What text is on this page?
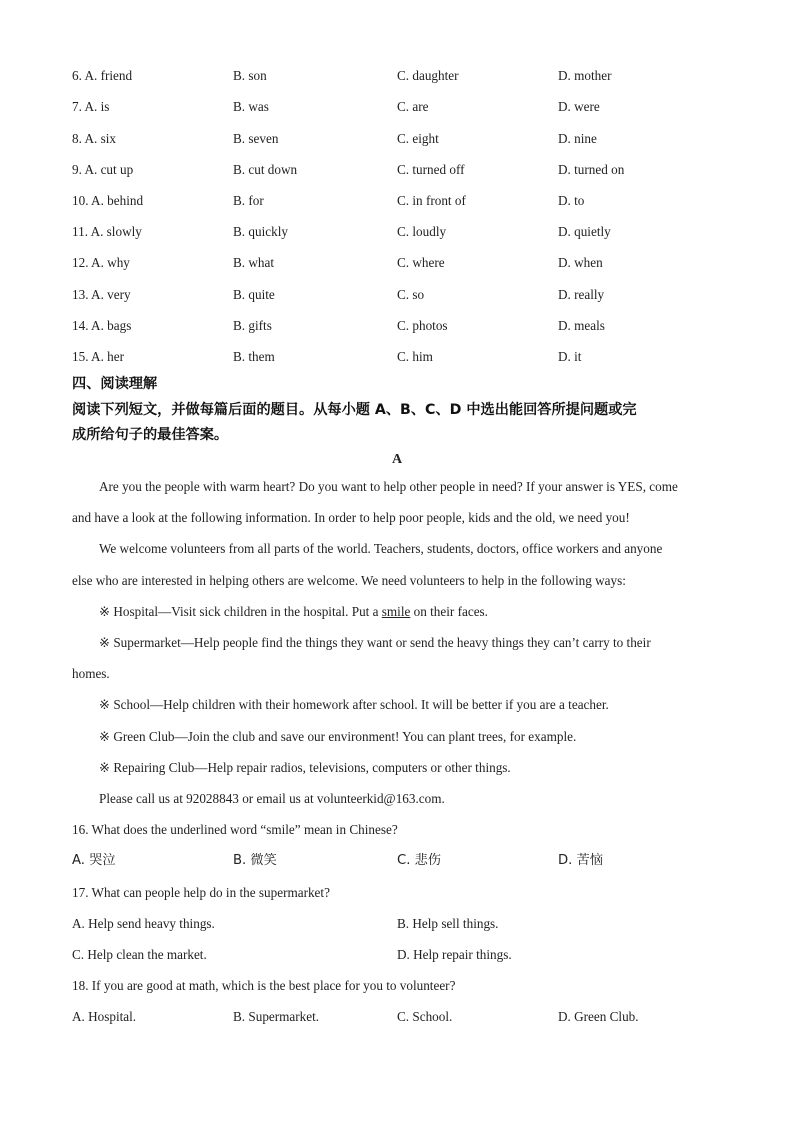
6. A. friend	B. son	C. daughter	D. mother
7. A. is	B. was	C. are	D. were
8. A. six	B. seven	C. eight	D. nine
9. A. cut up	B. cut down	C. turned off	D. turned on
10. A. behind	B. for	C. in front of	D. to
11. A. slowly	B. quickly	C. loudly	D. quietly
12. A. why	B. what	C. where	D. when
13. A. very	B. quite	C. so	D. really
14. A. bags	B. gifts	C. photos	D. meals
15. A. her	B. them	C. him	D. it
四、阅读理解
阅读下列短文，并做每篇后面的题目。从每小题 A、B、C、D 中选出能回答所提问题或完
成所给句子的最佳答案。
A
Are you the people with warm heart? Do you want to help other people in need? If your answer is YES, come
and have a look at the following information. In order to help poor people, kids and the old, we need you!
We welcome volunteers from all parts of the world. Teachers, students, doctors, office workers and anyone
else who are interested in helping others are welcome. We need volunteers to help in the following ways:
※ Hospital—Visit sick children in the hospital. Put a smile on their faces.
※ Supermarket—Help people find the things they want or send the heavy things they can’t carry to their
homes.
※ School—Help children with their homework after school. It will be better if you are a teacher.
※ Green Club—Join the club and save our environment! You can plant trees, for example.
※ Repairing Club—Help repair radios, televisions, computers or other things.
Please call us at 92028843 or email us at volunteerkid@163.com.
16. What does the underlined word “smile” mean in Chinese?
A. 哭泣	B. 微笑	C. 悲伤	D. 苦恼
17. What can people help do in the supermarket?
A. Help send heavy things.	B. Help sell things.
C. Help clean the market.	D. Help repair things.
18. If you are good at math, which is the best place for you to volunteer?
A. Hospital.	B. Supermarket.	C. School.	D. Green Club.
